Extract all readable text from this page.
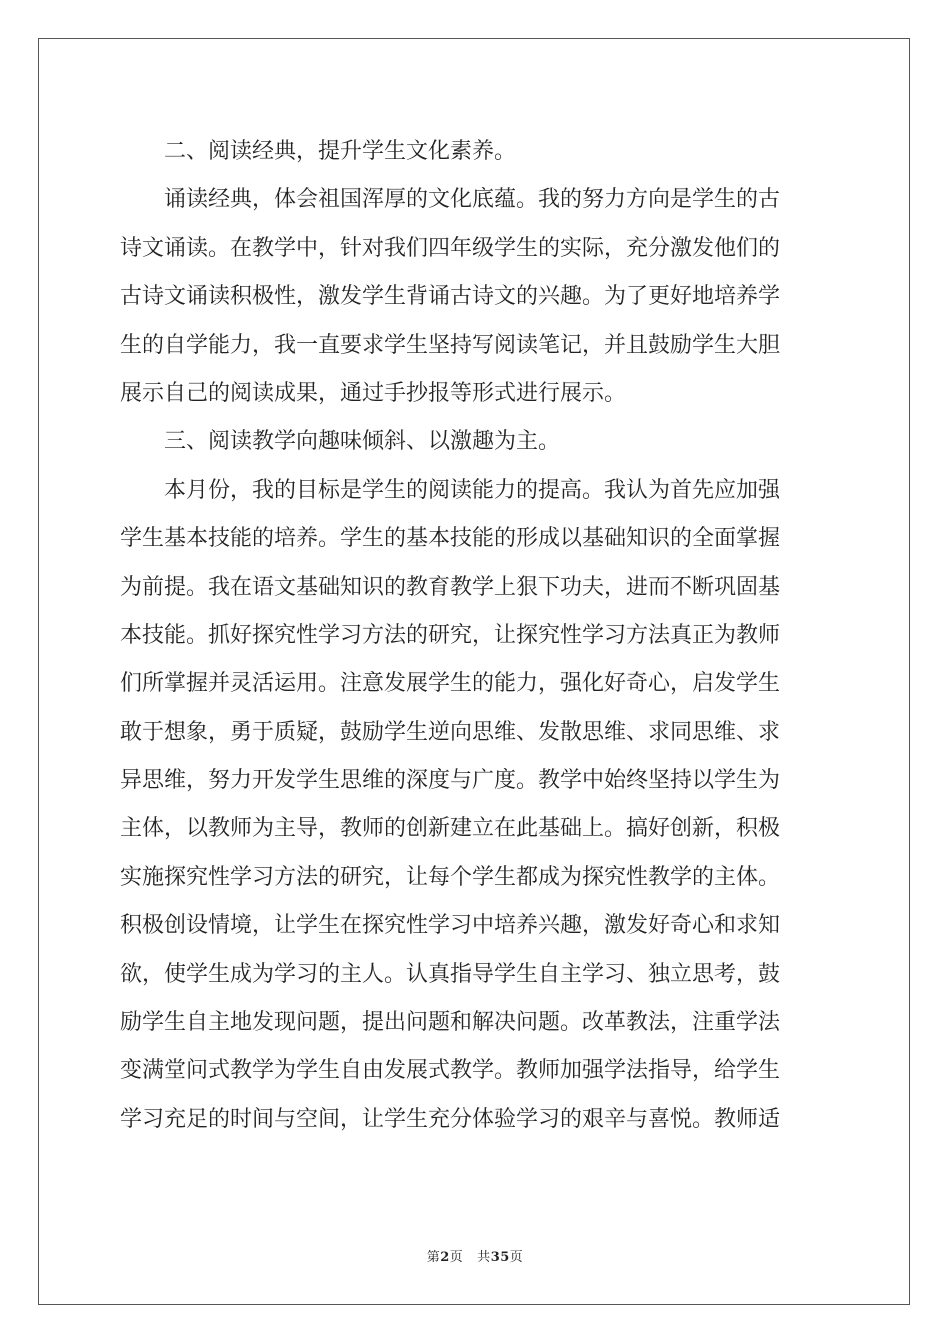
二、阅读经典，提升学生文化素养。
诵读经典，体会祖国浑厚的文化底蕴。我的努力方向是学生的古
诗文诵读。在教学中，针对我们四年级学生的实际，充分激发他们的
古诗文诵读积极性，激发学生背诵古诗文的兴趣。为了更好地培养学
生的自学能力，我一直要求学生坚持写阅读笔记，并且鼓励学生大胆
展示自己的阅读成果，通过手抄报等形式进行展示。
三、阅读教学向趣味倾斜、以激趣为主。
本月份，我的目标是学生的阅读能力的提高。我认为首先应加强
学生基本技能的培养。学生的基本技能的形成以基础知识的全面掌握
为前提。我在语文基础知识的教育教学上狠下功夫，进而不断巩固基
本技能。抓好探究性学习方法的研究，让探究性学习方法真正为教师
们所掌握并灵活运用。注意发展学生的能力，强化好奇心，启发学生
敢于想象，勇于质疑，鼓励学生逆向思维、发散思维、求同思维、求
异思维，努力开发学生思维的深度与广度。教学中始终坚持以学生为
主体，以教师为主导，教师的创新建立在此基础上。搞好创新，积极
实施探究性学习方法的研究，让每个学生都成为探究性教学的主体。
积极创设情境，让学生在探究性学习中培养兴趣，激发好奇心和求知
欲，使学生成为学习的主人。认真指导学生自主学习、独立思考，鼓
励学生自主地发现问题，提出问题和解决问题。改革教法，注重学法
变满堂问式教学为学生自由发展式教学。教师加强学法指导，给学生
学习充足的时间与空间，让学生充分体验学习的艰辛与喜悦。教师适
第2页 共35页
